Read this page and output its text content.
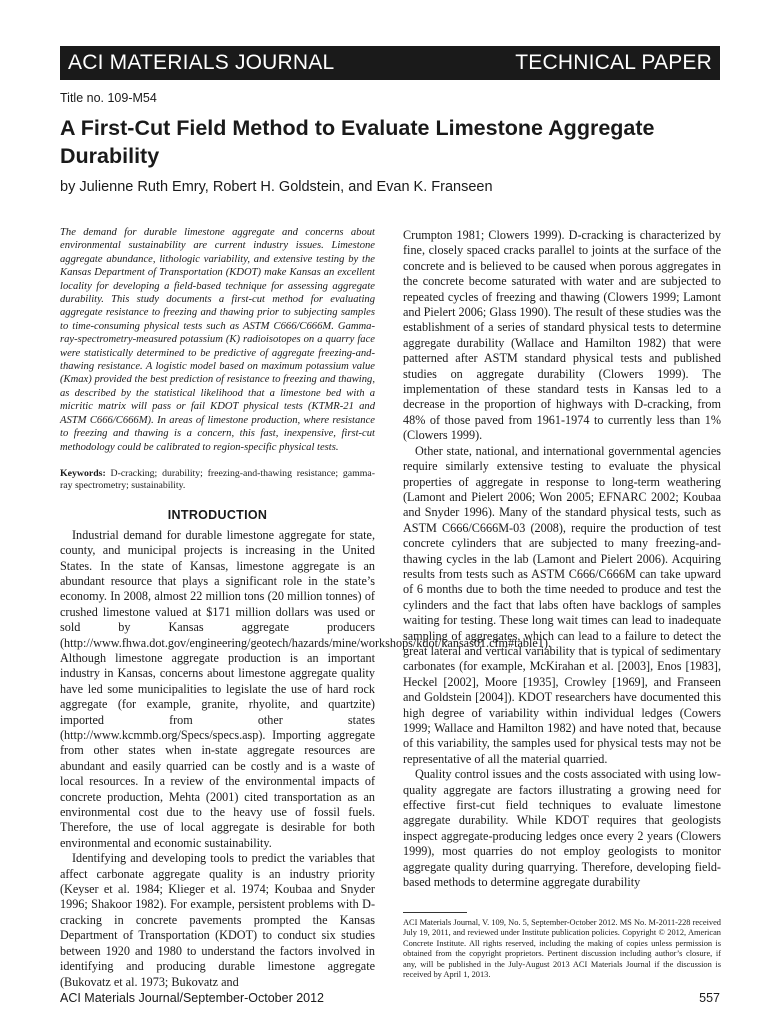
ACI MATERIALS JOURNAL	TECHNICAL PAPER
Title no. 109-M54
A First-Cut Field Method to Evaluate Limestone Aggregate Durability
by Julienne Ruth Emry, Robert H. Goldstein, and Evan K. Franseen

The demand for durable limestone aggregate and concerns about environmental sustainability are current industry issues. Limestone aggregate abundance, lithologic variability, and extensive testing by the Kansas Department of Transportation (KDOT) make Kansas an excellent locality for developing a field-based technique for assessing aggregate durability. This study documents a first-cut method for evaluating aggregate resistance to freezing and thawing prior to subjecting samples to time-consuming physical tests such as ASTM C666/C666M. Gamma-ray-spectrometry-measured potassium (K) radioisotopes on a quarry face were statistically determined to be predictive of aggregate freezing-and-thawing resistance. A logistic model based on maximum potassium value (Kmax) provided the best prediction of resistance to freezing and thawing, as described by the statistical likelihood that a limestone bed with a micritic matrix will pass or fail KDOT physical tests (KTMR-21 and ASTM C666/C666M). In areas of limestone production, where resistance to freezing and thawing is a concern, this fast, inexpensive, first-cut methodology could be calibrated to region-specific physical tests.

Keywords: D-cracking; durability; freezing-and-thawing resistance; gamma-ray spectrometry; sustainability.

INTRODUCTION

Industrial demand for durable limestone aggregate for state, county, and municipal projects is increasing in the United States. In the state of Kansas, limestone aggregate is an abundant resource that plays a significant role in the state’s economy. In 2008, almost 22 million tons (20 million tonnes) of crushed limestone valued at $171 million dollars was used or sold by Kansas aggregate producers (http://www.fhwa.dot.gov/engineering/geotech/hazards/mine/workshops/kdot/kansas01.cfm#table1). Although limestone aggregate production is an important industry in Kansas, concerns about limestone aggregate quality have led some municipalities to legislate the use of hard rock aggregate (for example, granite, rhyolite, and quartzite) imported from other states (http://www.kcmmb.org/Specs/specs.asp). Importing aggregate from other states when in-state aggregate resources are abundant and easily quarried can be costly and is a waste of local resources. In a review of the environmental impacts of concrete production, Mehta (2001) cited transportation as an environmental cost due to the heavy use of fossil fuels. Therefore, the use of local aggregate is desirable for both environmental and economic sustainability.

Identifying and developing tools to predict the variables that affect carbonate aggregate quality is an industry priority (Keyser et al. 1984; Klieger et al. 1974; Koubaa and Snyder 1996; Shakoor 1982). For example, persistent problems with D-cracking in concrete pavements prompted the Kansas Department of Transportation (KDOT) to conduct six studies between 1920 and 1980 to understand the factors involved in identifying and producing durable limestone aggregate (Bukovatz et al. 1973; Bukovatz and

Crumpton 1981; Clowers 1999). D-cracking is characterized by fine, closely spaced cracks parallel to joints at the surface of the concrete and is believed to be caused when porous aggregates in the concrete become saturated with water and are subjected to repeated cycles of freezing and thawing (Clowers 1999; Lamont and Pielert 2006; Glass 1990). The result of these studies was the establishment of a series of standard physical tests to determine aggregate durability (Wallace and Hamilton 1982) that were patterned after ASTM standard physical tests and published studies on aggregate durability (Clowers 1999). The implementation of these standard tests in Kansas led to a decrease in the proportion of highways with D-cracking, from 48% of those paved from 1961-1974 to currently less than 1% (Clowers 1999).

Other state, national, and international governmental agencies require similarly extensive testing to evaluate the physical properties of aggregate in response to long-term weathering (Lamont and Pielert 2006; Won 2005; EFNARC 2002; Koubaa and Snyder 1996). Many of the standard physical tests, such as ASTM C666/C666M-03 (2008), require the production of test concrete cylinders that are subjected to many freezing-and-thawing cycles in the lab (Lamont and Pielert 2006). Acquiring results from tests such as ASTM C666/C666M can take upward of 6 months due to both the time needed to produce and test the cylinders and the fact that labs often have backlogs of samples waiting for testing. These long wait times can lead to inadequate sampling of aggregates, which can lead to a failure to detect the great lateral and vertical variability that is typical of sedimentary carbonates (for example, McKirahan et al. [2003], Enos [1983], Heckel [2002], Moore [1935], Crowley [1969], and Franseen and Goldstein [2004]). KDOT researchers have documented this high degree of variability within individual ledges (Cowers 1999; Wallace and Hamilton 1982) and have noted that, because of this variability, the samples used for physical tests may not be representative of all the material quarried.

Quality control issues and the costs associated with using low-quality aggregate are factors illustrating a growing need for effective first-cut field techniques to evaluate limestone aggregate durability. While KDOT requires that geologists inspect aggregate-producing ledges once every 2 years (Clowers 1999), most quarries do not employ geologists to monitor aggregate quality during quarrying. Therefore, developing field-based methods to determine aggregate durability

ACI Materials Journal, V. 109, No. 5, September-October 2012. MS No. M-2011-228 received July 19, 2011, and reviewed under Institute publication policies. Copyright © 2012, American Concrete Institute. All rights reserved, including the making of copies unless permission is obtained from the copyright proprietors. Pertinent discussion including author’s closure, if any, will be published in the July-August 2013 ACI Materials Journal if the discussion is received by April 1, 2013.
ACI Materials Journal/September-October 2012	557
